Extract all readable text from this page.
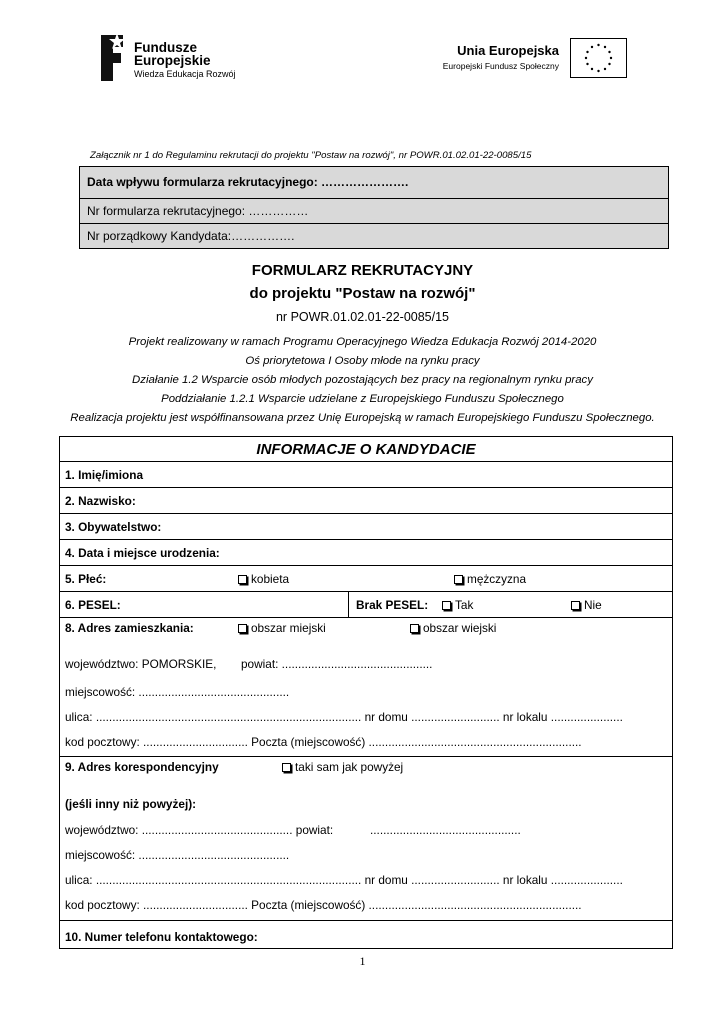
Fundusze
Europejskie
Wiedza Edukacja Rozwój
Unia Europejska
Europejski Fundusz Społeczny
Załącznik nr 1 do Regulaminu rekrutacji do projektu "Postaw na rozwój", nr POWR.01.02.01-22-0085/15
Data wpływu formularza rekrutacyjnego: ………………….
Nr formularza rekrutacyjnego: ……………
Nr porządkowy Kandydata:…………….
FORMULARZ REKRUTACYJNY
do projektu "Postaw na rozwój"
nr POWR.01.02.01-22-0085/15
Projekt realizowany w ramach Programu Operacyjnego Wiedza Edukacja Rozwój 2014-2020
Oś priorytetowa I Osoby młode na rynku pracy
Działanie 1.2 Wsparcie osób młodych pozostających bez pracy na regionalnym rynku pracy
Poddziałanie 1.2.1 Wsparcie udzielane z Europejskiego Funduszu Społecznego
Realizacja projektu jest współfinansowana przez Unię Europejską w ramach Europejskiego Funduszu Społecznego.
INFORMACJE O KANDYDACIE
1. Imię/imiona
2. Nazwisko:
3. Obywatelstwo:
4. Data i miejsce urodzenia:
5. Płeć:	kobieta	mężczyzna
6. PESEL:	Brak PESEL:	Tak	Nie
8. Adres zamieszkania:	obszar miejski	obszar wiejski
województwo: POMORSKIE, powiat: ..............................................
miejscowość: ..............................................
ulica: ................................................................................. nr domu ........................... nr lokalu ......................
kod pocztowy: ................................ Poczta (miejscowość) .................................................................
9. Adres korespondencyjny	taki sam jak powyżej
(jeśli inny niż powyżej):
województwo: .............................................. powiat:	..............................................
miejscowość: ..............................................
ulica: ................................................................................. nr domu ........................... nr lokalu ......................
kod pocztowy: ................................ Poczta (miejscowość) .................................................................
10. Numer telefonu kontaktowego:
1
